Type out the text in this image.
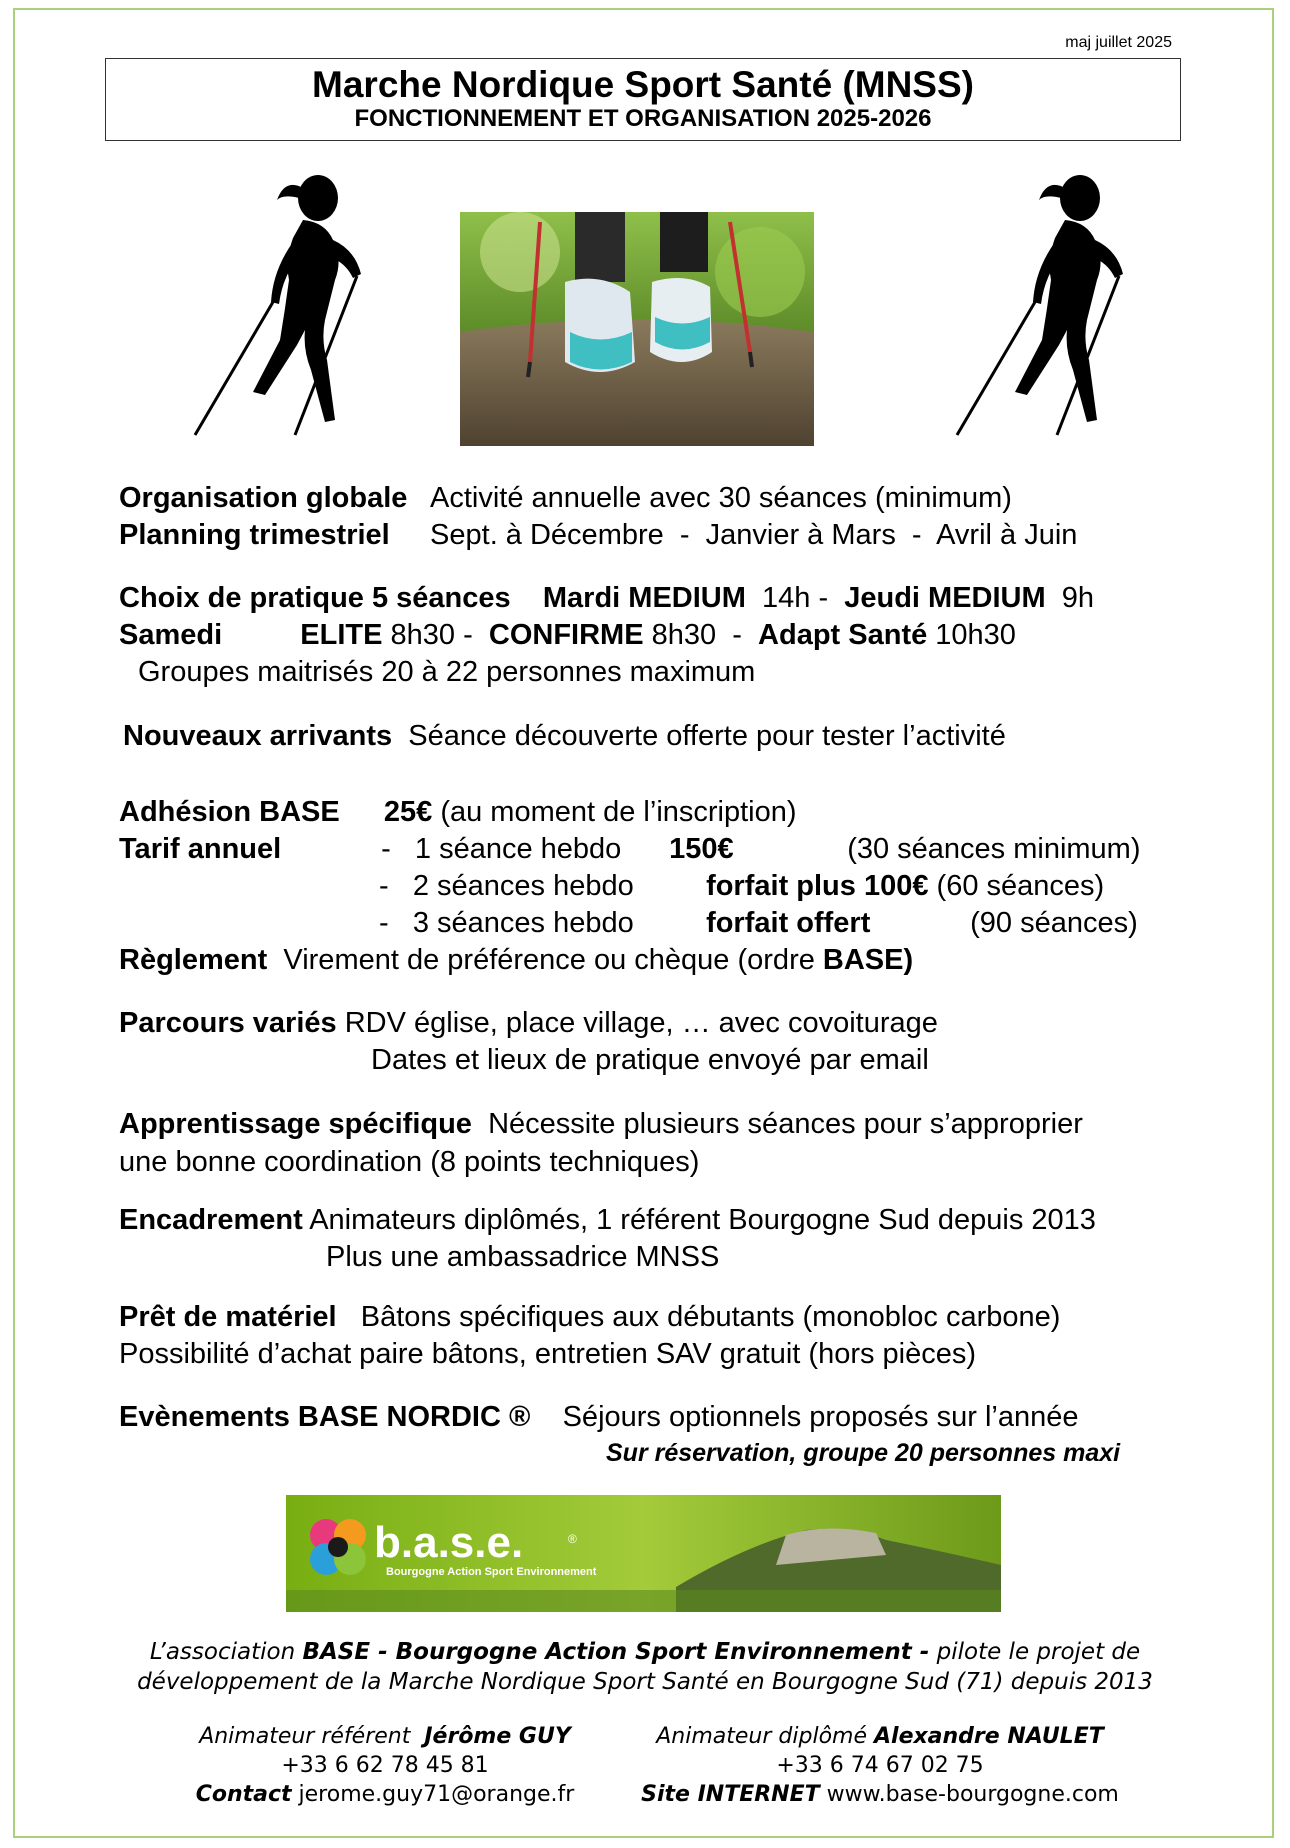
maj juillet 2025
Marche Nordique Sport Santé (MNSS)
FONCTIONNEMENT ET ORGANISATION 2025-2026
Organisation globale Activité annuelle avec 30 séances (minimum)
Planning trimestriel Sept. à Décembre  -  Janvier à Mars  -  Avril à Juin
Choix de pratique 5 séances Mardi MEDIUM 14h - Jeudi MEDIUM 9h
Samedi	ELITE 8h30 - CONFIRME 8h30  - Adapt Santé 10h30
Groupes maitrisés 20 à 22 personnes maximum
Nouveaux arrivants Séance découverte offerte pour tester l’activité
Adhésion BASE 25€ (au moment de l’inscription)
Tarif annuel	-   1 séance hebdo 150€	(30 séances minimum)
-   2 séances hebdo forfait plus 100€ (60 séances)
-   3 séances hebdo forfait offert	(90 séances)
Règlement Virement de préférence ou chèque (ordre BASE)
Parcours variés RDV église, place village, … avec covoiturage
Dates et lieux de pratique envoyé par email
Apprentissage spécifique Nécessite plusieurs séances pour s’approprier
une bonne coordination (8 points techniques)
Encadrement Animateurs diplômés, 1 référent Bourgogne Sud depuis 2013
Plus une ambassadrice MNSS
Prêt de matériel Bâtons spécifiques aux débutants (monobloc carbone)
Possibilité d’achat paire bâtons, entretien SAV gratuit (hors pièces)
Evènements BASE NORDIC ® Séjours optionnels proposés sur l’année
Sur réservation, groupe 20 personnes maxi
b.a.s.e.	®
Bourgogne Action Sport Environnement
L’association BASE - Bourgogne Action Sport Environnement - pilote le projet de
développement de la Marche Nordique Sport Santé en Bourgogne Sud (71) depuis 2013
Animateur référent Jérôme GUY
+33 6 62 78 45 81
Contact jerome.guy71@orange.fr
Animateur diplômé Alexandre NAULET
+33 6 74 67 02 75
Site INTERNET www.base-bourgogne.com
